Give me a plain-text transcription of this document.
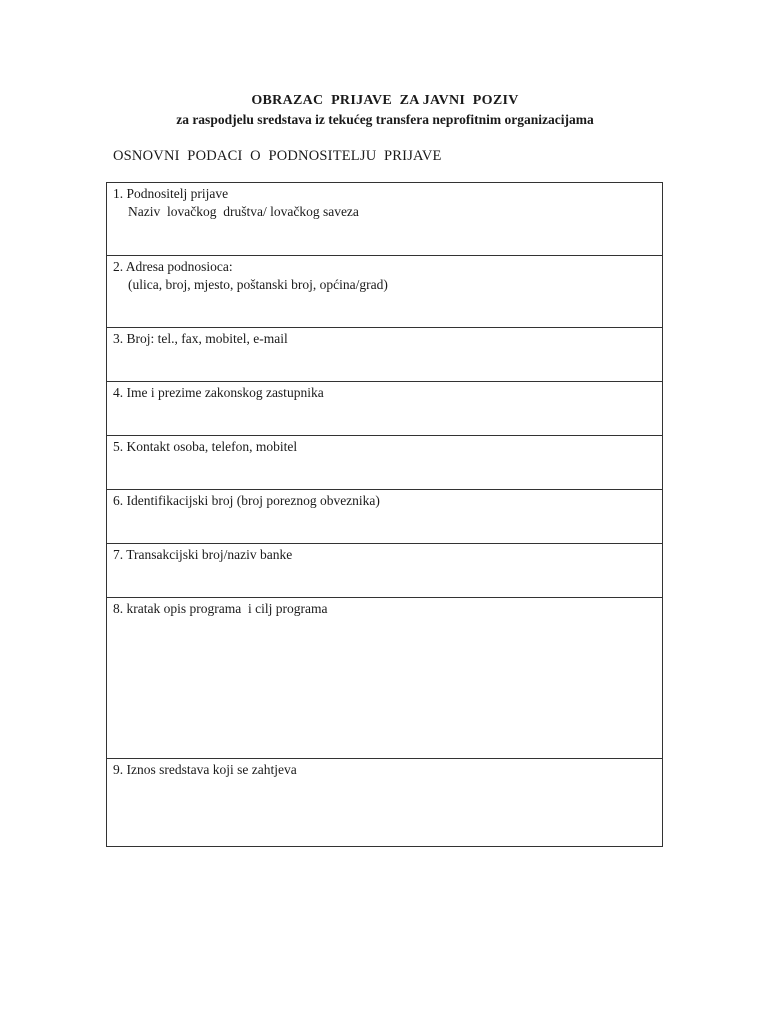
OBRAZAC  PRIJAVE  ZA JAVNI  POZIV
za raspodjelu sredstava iz tekućeg transfera neprofitnim organizacijama
OSNOVNI  PODACI  O  PODNOSITELJU  PRIJAVE
1. Podnositelj prijave
Naziv  lovačkog  društva/ lovačkog saveza
2. Adresa podnosioca:
(ulica, broj, mjesto, poštanski broj, općina/grad)
3. Broj: tel., fax, mobitel, e-mail
4. Ime i prezime zakonskog zastupnika
5. Kontakt osoba, telefon, mobitel
6. Identifikacijski broj (broj poreznog obveznika)
7. Transakcijski broj/naziv banke
8. kratak opis programa  i cilj programa
9. Iznos sredstava koji se zahtjeva
